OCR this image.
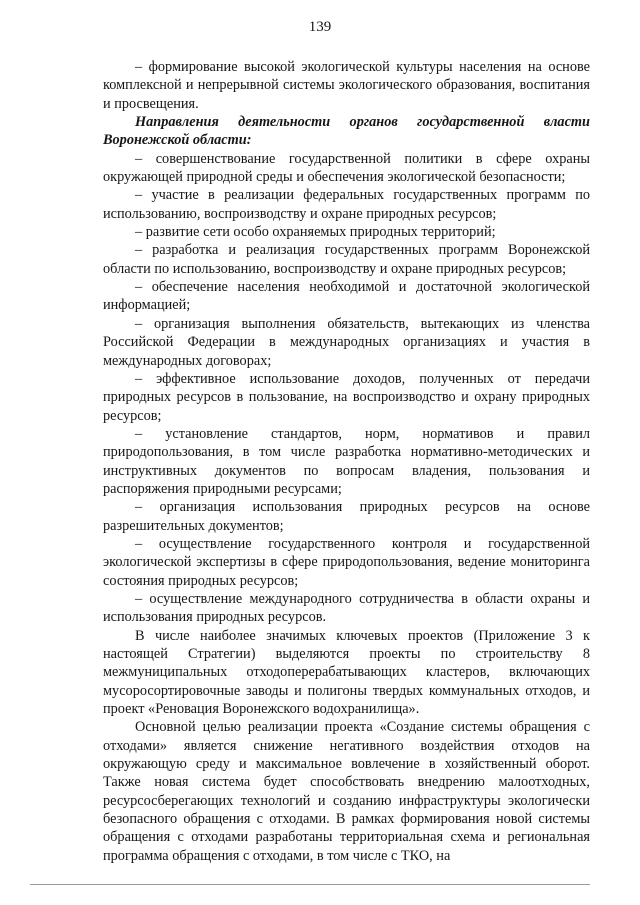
139

– формирование высокой экологической культуры населения на основе комплексной и непрерывной системы экологического образования, воспитания и просвещения.

Направления деятельности органов государственной власти Воронежской области:

– совершенствование государственной политики в сфере охраны окружающей природной среды и обеспечения экологической безопасности;

– участие в реализации федеральных государственных программ по использованию, воспроизводству и охране природных ресурсов;

– развитие сети особо охраняемых природных территорий;

– разработка и реализация государственных программ Воронежской области по использованию, воспроизводству и охране природных ресурсов;

– обеспечение населения необходимой и достаточной экологической информацией;

– организация выполнения обязательств, вытекающих из членства Российской Федерации в международных организациях и участия в международных договорах;

– эффективное использование доходов, полученных от передачи природных ресурсов в пользование, на воспроизводство и охрану природных ресурсов;

– установление стандартов, норм, нормативов и правил природопользования, в том числе разработка нормативно-методических и инструктивных документов по вопросам владения, пользования и распоряжения природными ресурсами;

– организация использования природных ресурсов на основе разрешительных документов;

– осуществление государственного контроля и государственной экологической экспертизы в сфере природопользования, ведение мониторинга состояния природных ресурсов;

– осуществление международного сотрудничества в области охраны и использования природных ресурсов.

В числе наиболее значимых ключевых проектов (Приложение 3 к настоящей Стратегии) выделяются проекты по строительству 8 межмуниципальных отходоперерабатывающих кластеров, включающих мусоросортировочные заводы и полигоны твердых коммунальных отходов, и проект «Реновация Воронежского водохранилища».

Основной целью реализации проекта «Создание системы обращения с отходами» является снижение негативного воздействия отходов на окружающую среду и максимальное вовлечение в хозяйственный оборот. Также новая система будет способствовать внедрению малоотходных, ресурсосберегающих технологий и созданию инфраструктуры экологически безопасного обращения с отходами. В рамках формирования новой системы обращения с отходами разработаны территориальная схема и региональная программа обращения с отходами, в том числе с ТКО, на
